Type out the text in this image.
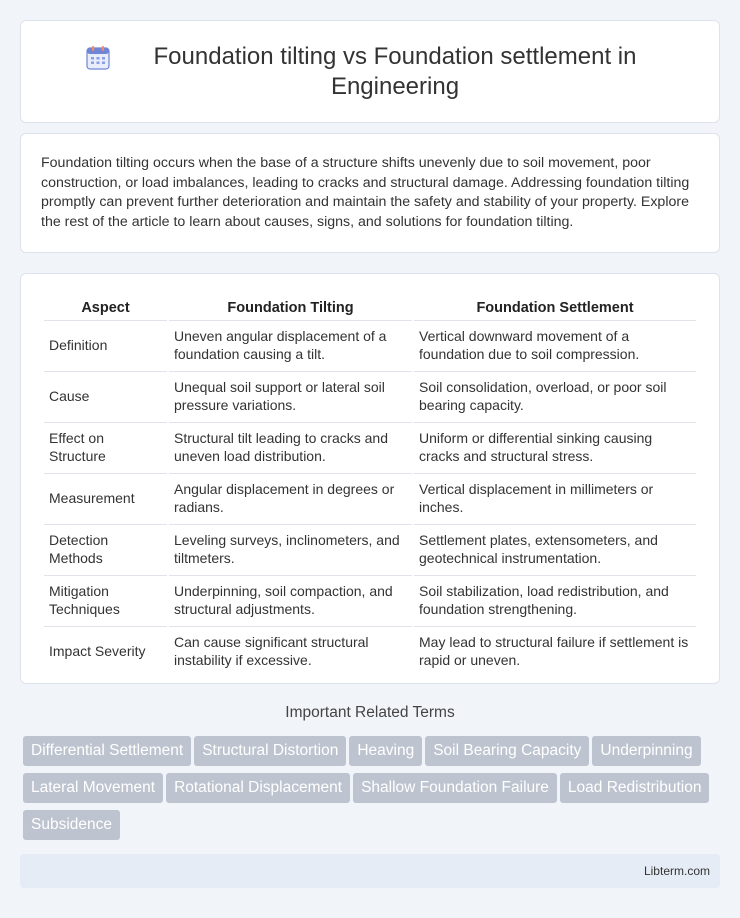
Foundation tilting vs Foundation settlement in Engineering

Foundation tilting occurs when the base of a structure shifts unevenly due to soil movement, poor construction, or load imbalances, leading to cracks and structural damage. Addressing foundation tilting promptly can prevent further deterioration and maintain the safety and stability of your property. Explore the rest of the article to learn about causes, signs, and solutions for foundation tilting.

Aspect	Foundation Tilting	Foundation Settlement
Definition	Uneven angular displacement of a foundation causing a tilt.	Vertical downward movement of a foundation due to soil compression.
Cause	Unequal soil support or lateral soil pressure variations.	Soil consolidation, overload, or poor soil bearing capacity.
Effect on Structure	Structural tilt leading to cracks and uneven load distribution.	Uniform or differential sinking causing cracks and structural stress.
Measurement	Angular displacement in degrees or radians.	Vertical displacement in millimeters or inches.
Detection Methods	Leveling surveys, inclinometers, and tiltmeters.	Settlement plates, extensometers, and geotechnical instrumentation.
Mitigation Techniques	Underpinning, soil compaction, and structural adjustments.	Soil stabilization, load redistribution, and foundation strengthening.
Impact Severity	Can cause significant structural instability if excessive.	May lead to structural failure if settlement is rapid or uneven.
Important Related Terms
Differential Settlement Structural Distortion Heaving Soil Bearing Capacity UnderpinningLateral Movement Rotational Displacement Shallow Foundation Failure Load RedistributionSubsidence
Libterm.com
